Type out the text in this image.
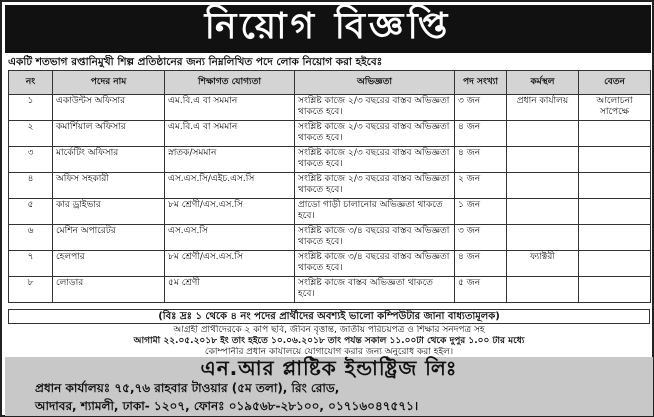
নিয়োগ বিজ্ঞপ্তি
একটি শতভাগ রপ্তানিমুখী শিল্প প্রতিষ্ঠানের জন্য নিম্নলিখিত পদে লোক নিয়োগ করা হইবেঃ
নং	পদের নাম	শিক্ষাগত যোগ্যতা	অভিজ্ঞতা	পদ সংখ্যা	কর্মস্থল	বেতন
১	একাউন্টস অফিসার	এম.বি.এ বা সমমান	সংশ্লিষ্ট কাজে ২/৩ বছরের বাস্তব অভিজ্ঞতা থাকতে হবে।	৩ জন	প্রধান কার্যালয়	আলোচনা সাপেক্ষে
২	কমার্শিয়াল অফিসার	এম.বি.এ বা সমমান	সংশ্লিষ্ট কাজে ২/৩ বছরের বাস্তব অভিজ্ঞতা থাকতে হবে।	৪ জন		
৩	মার্কেটিং অফিসার	স্নাতক/সমমান	সংশ্লিষ্ট কাজে ২/৩ বছরের বাস্তব অভিজ্ঞতা থাকতে হবে।	৪ জন		
৪	অফিস সহকারী	এস.এস.সি/এইচ.এস.সি	সংশ্লিষ্ট কাজে ২/৩ বছরের বাস্তব অভিজ্ঞতা থাকতে হবে।	২ জন		
৫	কার ড্রাইভার	৮ম শ্রেণী/এস.এস.সি	প্রাডো গাড়ী চালানোর অভিজ্ঞতা থাকতে হবে।	১ জন		
৬	মেশিন অপারেটর	এস.এস.সি	সংশ্লিষ্ট কাজে ৩/৪ বছরের বাস্তব অভিজ্ঞতা থাকতে হবে।	৩ জন		
৭	হেলপার	৮ম শ্রেণী/এস.এস.সি	সংশ্লিষ্ট কাজে ৩/৪ বছরের বাস্তব অভিজ্ঞতা থাকতে হবে।	৪ জন	ফ্যাক্টরী	
৮	লোডার	৫ম শ্রেণী	সংশ্লিষ্ট কাজে বাস্তব অভিজ্ঞতা থাকতে হবে।	৫ জন		
(বিঃ দ্রঃ ১ থেকে ৪ নং পদের প্রার্থীদের অবশ্যই ভালো কম্পিউটার জানা বাধ্যতামূলক)
আগ্রহী প্রার্থীদেরকে ২ কপি ছবি, জীবন বৃত্তান্ত, জাতীয় পরিচয়পত্র ও শিক্ষার সনদপত্র সহ
আগামী ২২.০৫.২০১৮ ইং তাং হইতে ১০.০৬.২০১৮ তাং পর্যন্ত সকাল ১১.০০টা থেকে দুপুর ১.০০ টার মধ্যে
কোম্পানীর প্রধান কার্যালয়ে যোগাযোগ করার জন্য অনুরোধ করা হইল।
এন.আর প্লাষ্টিক ইন্ডাষ্ট্রিজ লিঃ
প্রধান কার্যালয়ঃ ৭৫,৭৬ রাহবার টাওয়ার (৫ম তলা), রিং রোড,
আদাবর, শ্যামলী, ঢাকা- ১২০৭, ফোনঃ ০১৯৫৬৮-২৮১০০, ০১৭১৬০৪৭৫৭১।
